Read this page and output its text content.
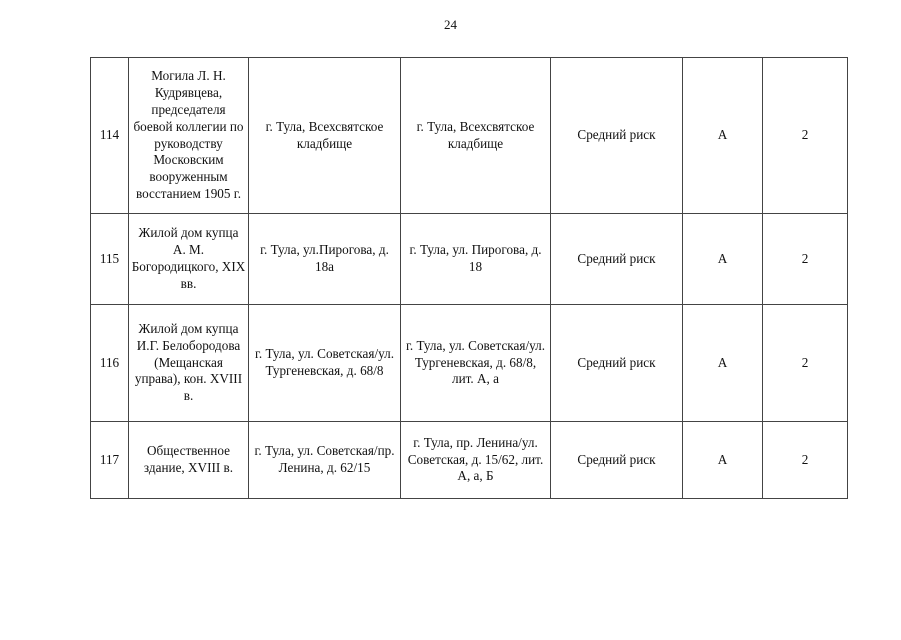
24
114	Могила Л. Н. Кудрявцева, председателя боевой коллегии по руководству Московским вооруженным восстанием 1905 г.	г. Тула, Всехсвятское кладбище	г. Тула, Всехсвятское кладбище	Средний риск	А	2
115	Жилой дом купца А. М. Богородицкого, XIX вв.	г. Тула, ул.Пирогова, д. 18а	г. Тула, ул. Пирогова, д. 18	Средний риск	А	2
116	Жилой дом купца И.Г. Белобородова (Мещанская управа), кон. XVIII в.	г. Тула, ул. Советская/ул. Тургеневская, д. 68/8	г. Тула, ул. Советская/ул. Тургеневская, д. 68/8, лит. А, а	Средний риск	А	2
117	Общественное здание, XVIII в.	г. Тула, ул. Советская/пр. Ленина, д. 62/15	г. Тула, пр. Ленина/ул. Советская, д. 15/62, лит. А, а, Б	Средний риск	А	2
